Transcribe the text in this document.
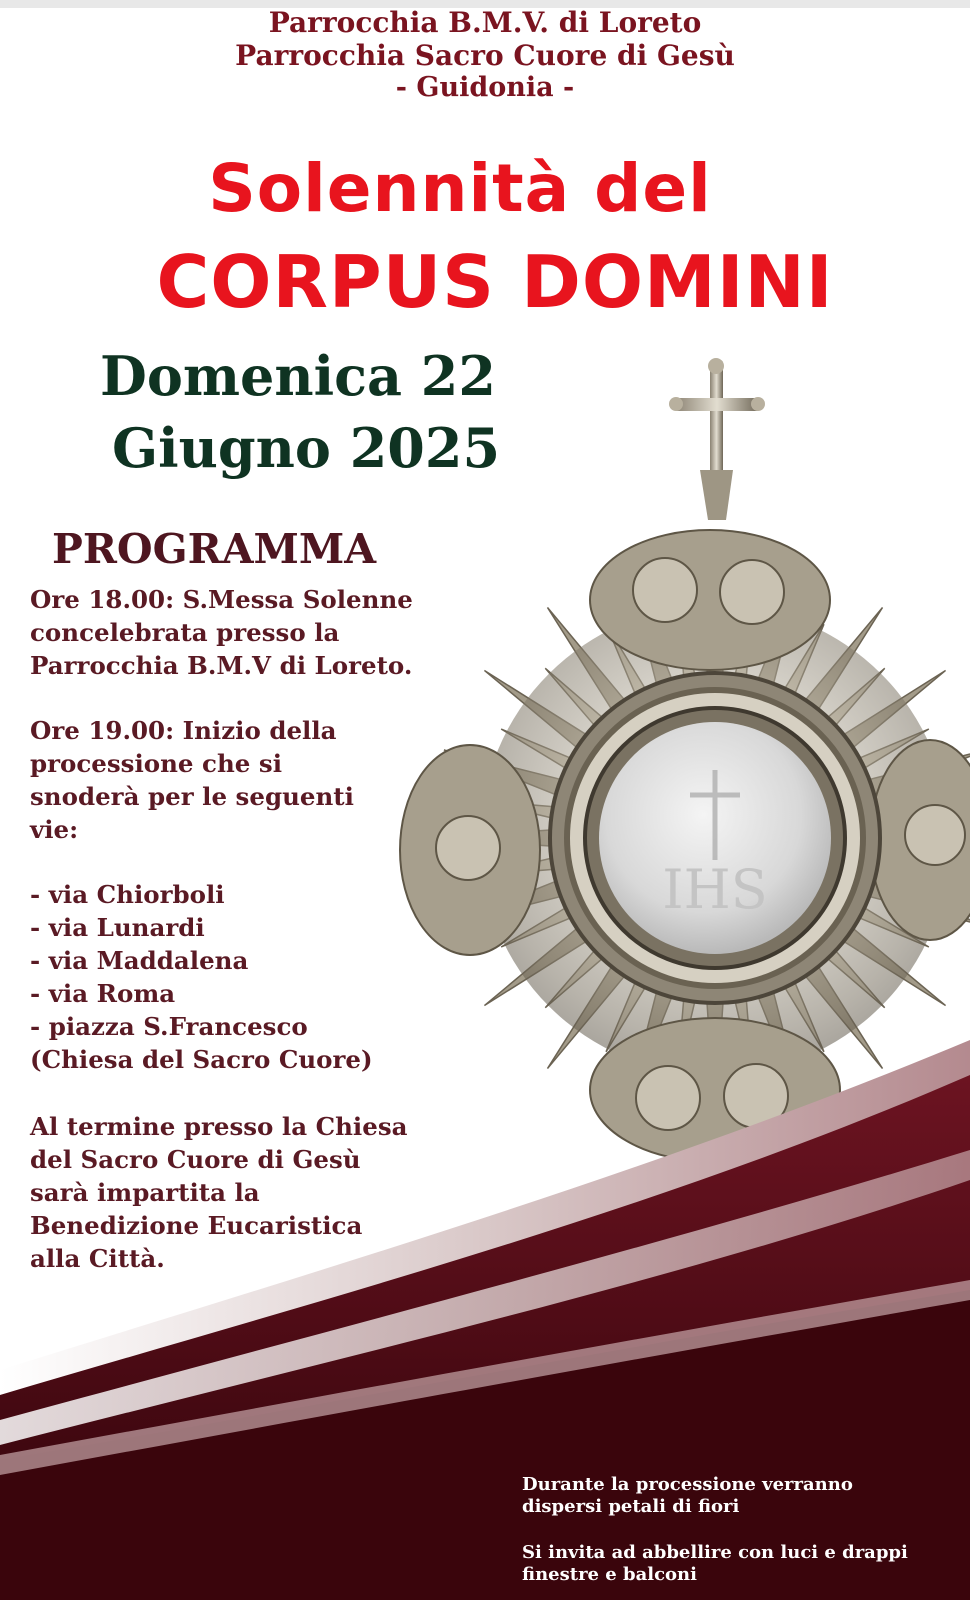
IHS
Parrocchia B.M.V. di Loreto
Parrocchia Sacro Cuore di Gesù
- Guidonia -
Solennità del
CORPUS DOMINI
Domenica 22
Giugno 2025
PROGRAMMA
Ore 18.00: S.Messa Solenne
concelebrata presso la
Parrocchia B.M.V di Loreto.
Ore 19.00: Inizio della
processione che si
snoderà per le seguenti
vie:
- via Chiorboli
- via Lunardi
- via Maddalena
- via Roma
- piazza S.Francesco
(Chiesa del Sacro Cuore)
Al termine presso la Chiesa
del Sacro Cuore di Gesù
sarà impartita la
Benedizione Eucaristica
alla Città.
Durante la processione verranno
dispersi petali di fiori
Si invita ad abbellire con luci e drappi
finestre e balconi
